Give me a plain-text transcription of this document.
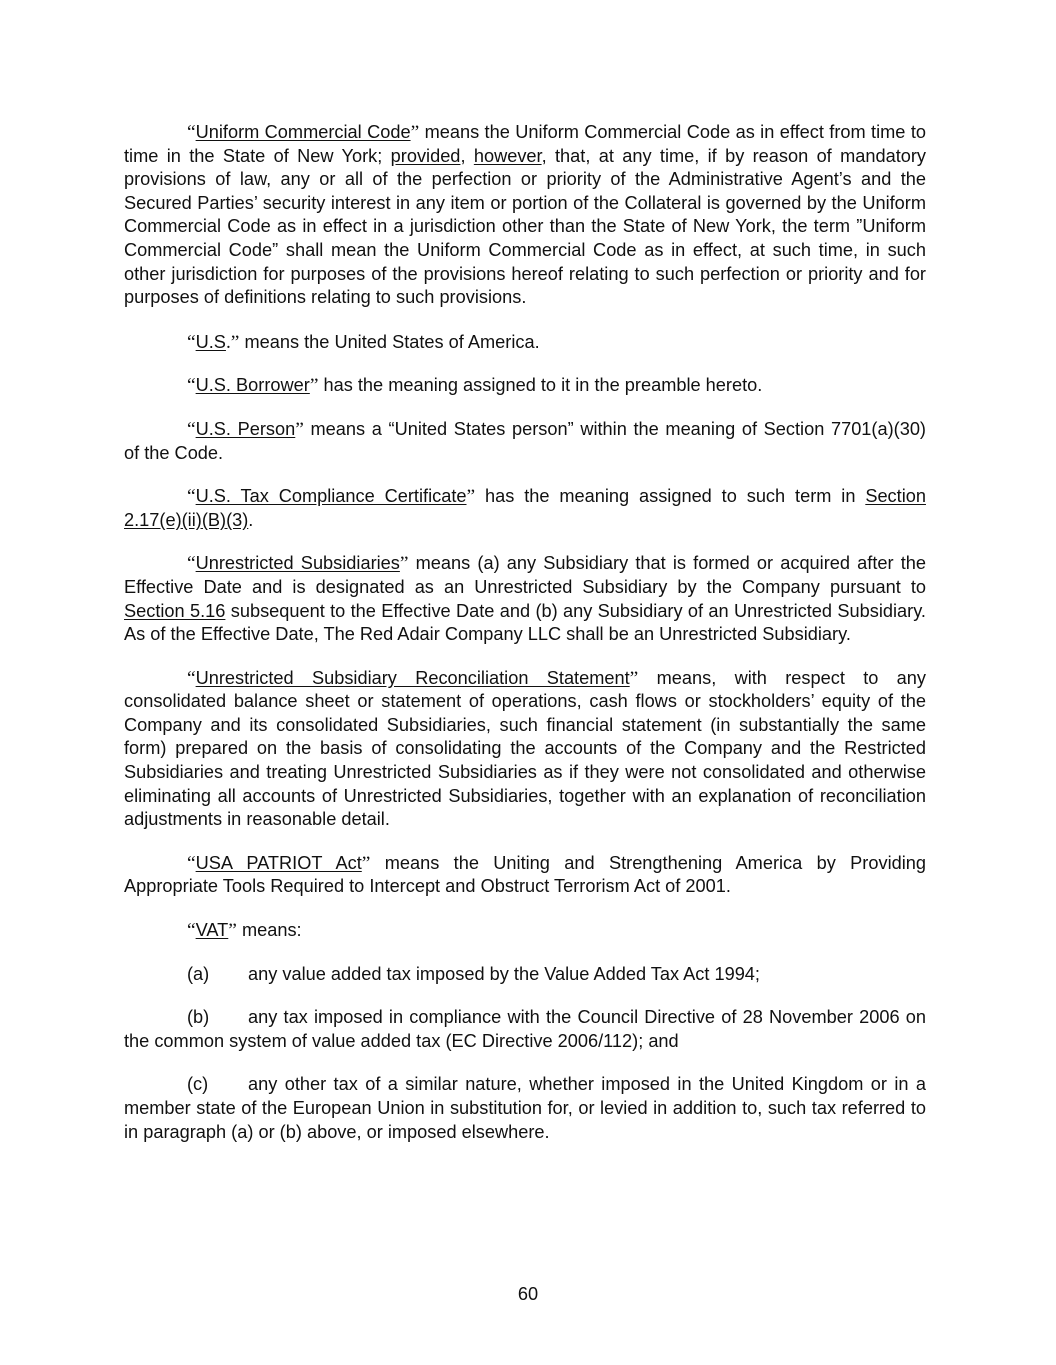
“Uniform Commercial Code” means the Uniform Commercial Code as in effect from time to time in the State of New York; provided, however, that, at any time, if by reason of mandatory provisions of law, any or all of the perfection or priority of the Administrative Agent’s and the Secured Parties’ security interest in any item or portion of the Collateral is governed by the Uniform Commercial Code as in effect in a jurisdiction other than the State of New York, the term ”Uniform Commercial Code” shall mean the Uniform Commercial Code as in effect, at such time, in such other jurisdiction for purposes of the provisions hereof relating to such perfection or priority and for purposes of definitions relating to such provisions.

“U.S.” means the United States of America.

“U.S. Borrower” has the meaning assigned to it in the preamble hereto.

“U.S. Person” means a “United States person” within the meaning of Section 7701(a)(30) of the Code.

“U.S. Tax Compliance Certificate” has the meaning assigned to such term in Section 2.17(e)(ii)(B)(3).

“Unrestricted Subsidiaries” means (a) any Subsidiary that is formed or acquired after the Effective Date and is designated as an Unrestricted Subsidiary by the Company pursuant to Section 5.16 subsequent to the Effective Date and (b) any Subsidiary of an Unrestricted Subsidiary. As of the Effective Date, The Red Adair Company LLC shall be an Unrestricted Subsidiary.

“Unrestricted Subsidiary Reconciliation Statement” means, with respect to any consolidated balance sheet or statement of operations, cash flows or stockholders’ equity of the Company and its consolidated Subsidiaries, such financial statement (in substantially the same form) prepared on the basis of consolidating the accounts of the Company and the Restricted Subsidiaries and treating Unrestricted Subsidiaries as if they were not consolidated and otherwise eliminating all accounts of Unrestricted Subsidiaries, together with an explanation of reconciliation adjustments in reasonable detail.

“USA PATRIOT Act” means the Uniting and Strengthening America by Providing Appropriate Tools Required to Intercept and Obstruct Terrorism Act of 2001.

“VAT” means:

(a) any value added tax imposed by the Value Added Tax Act 1994;

(b) any tax imposed in compliance with the Council Directive of 28 November 2006 on the common system of value added tax (EC Directive 2006/112); and

(c) any other tax of a similar nature, whether imposed in the United Kingdom or in a member state of the European Union in substitution for, or levied in addition to, such tax referred to in paragraph (a) or (b) above, or imposed elsewhere.

60
